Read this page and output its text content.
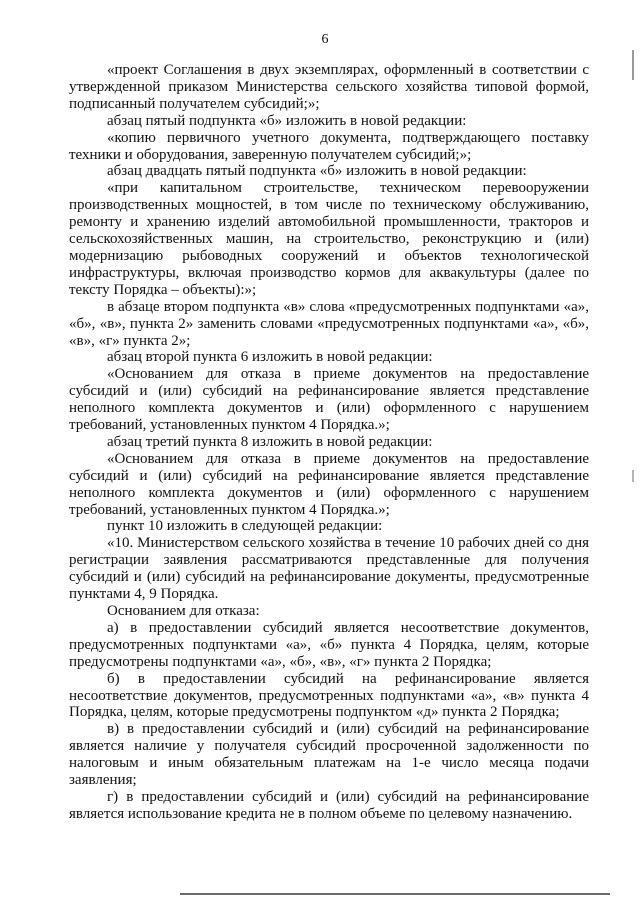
6

«проект Соглашения в двух экземплярах, оформленный в соответствии с утвержденной приказом Министерства сельского хозяйства типовой формой, подписанный получателем субсидий;»;

абзац пятый подпункта «б» изложить в новой редакции:

«копию первичного учетного документа, подтверждающего поставку техники и оборудования, заверенную получателем субсидий;»;

абзац двадцать пятый подпункта «б» изложить в новой редакции:

«при капитальном строительстве, техническом перевооружении производственных мощностей, в том числе по техническому обслуживанию, ремонту и хранению изделий автомобильной промышленности, тракторов и сельскохозяйственных машин, на строительство, реконструкцию и (или) модернизацию рыбоводных сооружений и объектов технологической инфраструктуры, включая производство кормов для аквакультуры (далее по тексту Порядка – объекты):»;

в абзаце втором подпункта «в» слова «предусмотренных подпунктами «а», «б», «в», пункта 2» заменить словами «предусмотренных подпунктами «а», «б», «в», «г» пункта 2»;

абзац второй пункта 6 изложить в новой редакции:

«Основанием для отказа в приеме документов на предоставление субсидий и (или) субсидий на рефинансирование является представление неполного комплекта документов и (или) оформленного с нарушением требований, установленных пунктом 4 Порядка.»;

абзац третий пункта 8 изложить в новой редакции:

«Основанием для отказа в приеме документов на предоставление субсидий и (или) субсидий на рефинансирование является представление неполного комплекта документов и (или) оформленного с нарушением требований, установленных пунктом 4 Порядка.»;

пункт 10 изложить в следующей редакции:

«10. Министерством сельского хозяйства в течение 10 рабочих дней со дня регистрации заявления рассматриваются представленные для получения субсидий и (или) субсидий на рефинансирование документы, предусмотренные пунктами 4, 9 Порядка.

Основанием для отказа:

а) в предоставлении субсидий является несоответствие документов, предусмотренных подпунктами «а», «б» пункта 4 Порядка, целям, которые предусмотрены подпунктами «а», «б», «в», «г» пункта 2 Порядка;

б) в предоставлении субсидий на рефинансирование является несоответствие документов, предусмотренных подпунктами «а», «в» пункта 4 Порядка, целям, которые предусмотрены подпунктом «д» пункта 2 Порядка;

в) в предоставлении субсидий и (или) субсидий на рефинансирование является наличие у получателя субсидий просроченной задолженности по налоговым и иным обязательным платежам на 1-е число месяца подачи заявления;

г) в предоставлении субсидий и (или) субсидий на рефинансирование является использование кредита не в полном объеме по целевому назначению.
